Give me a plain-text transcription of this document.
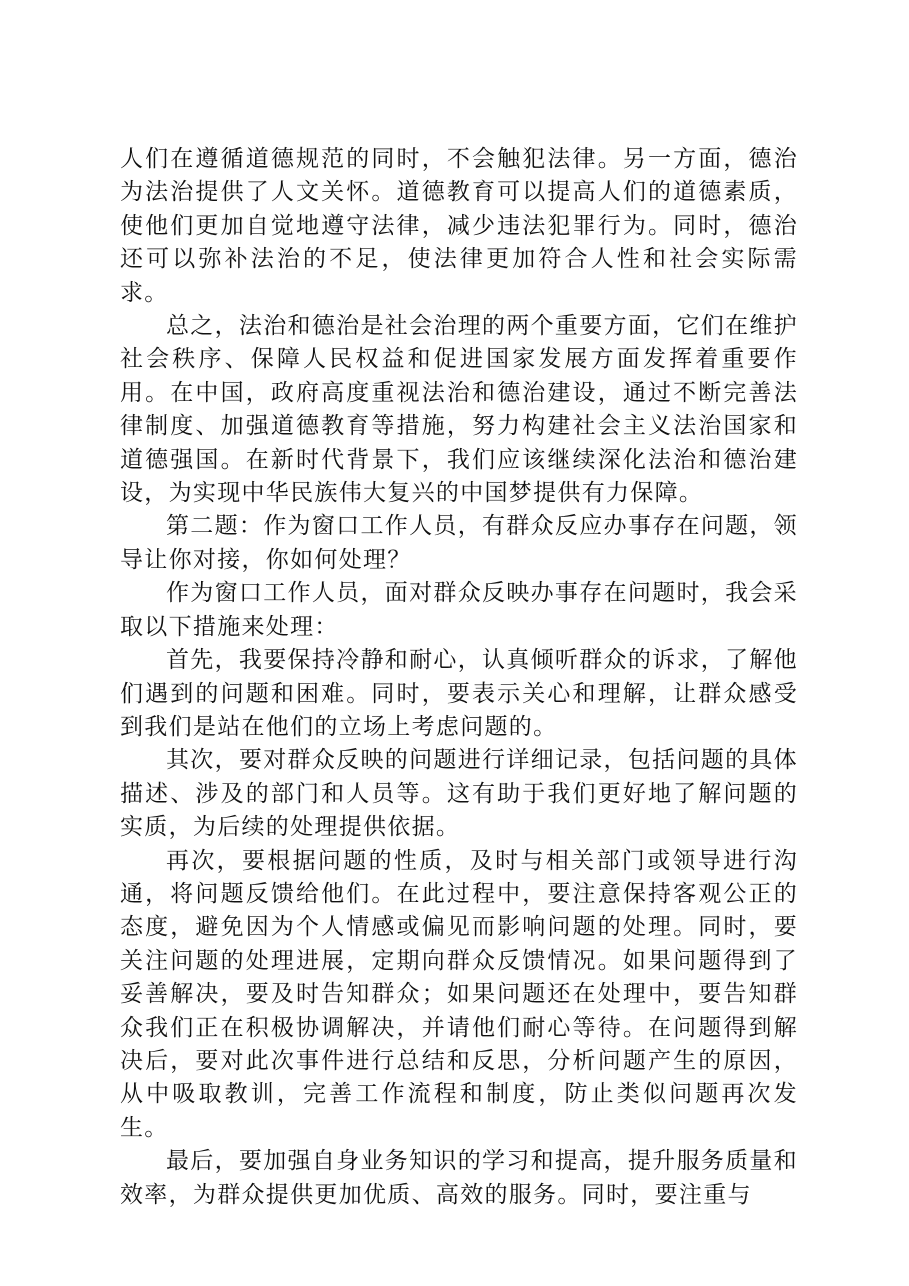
人们在遵循道德规范的同时，不会触犯法律。另一方面，德治为法治提供了人文关怀。道德教育可以提高人们的道德素质，使他们更加自觉地遵守法律，减少违法犯罪行为。同时，德治还可以弥补法治的不足，使法律更加符合人性和社会实际需求。

总之，法治和德治是社会治理的两个重要方面，它们在维护社会秩序、保障人民权益和促进国家发展方面发挥着重要作用。在中国，政府高度重视法治和德治建设，通过不断完善法律制度、加强道德教育等措施，努力构建社会主义法治国家和道德强国。在新时代背景下，我们应该继续深化法治和德治建设，为实现中华民族伟大复兴的中国梦提供有力保障。

第二题：作为窗口工作人员，有群众反应办事存在问题，领导让你对接，你如何处理？

作为窗口工作人员，面对群众反映办事存在问题时，我会采取以下措施来处理：

首先，我要保持冷静和耐心，认真倾听群众的诉求，了解他们遇到的问题和困难。同时，要表示关心和理解，让群众感受到我们是站在他们的立场上考虑问题的。

其次，要对群众反映的问题进行详细记录，包括问题的具体描述、涉及的部门和人员等。这有助于我们更好地了解问题的实质，为后续的处理提供依据。

再次，要根据问题的性质，及时与相关部门或领导进行沟通，将问题反馈给他们。在此过程中，要注意保持客观公正的态度，避免因为个人情感或偏见而影响问题的处理。同时，要关注问题的处理进展，定期向群众反馈情况。如果问题得到了妥善解决，要及时告知群众；如果问题还在处理中，要告知群众我们正在积极协调解决，并请他们耐心等待。在问题得到解决后，要对此次事件进行总结和反思，分析问题产生的原因，从中吸取教训，完善工作流程和制度，防止类似问题再次发生。

最后，要加强自身业务知识的学习和提高，提升服务质量和效率，为群众提供更加优质、高效的服务。同时，要注重与
